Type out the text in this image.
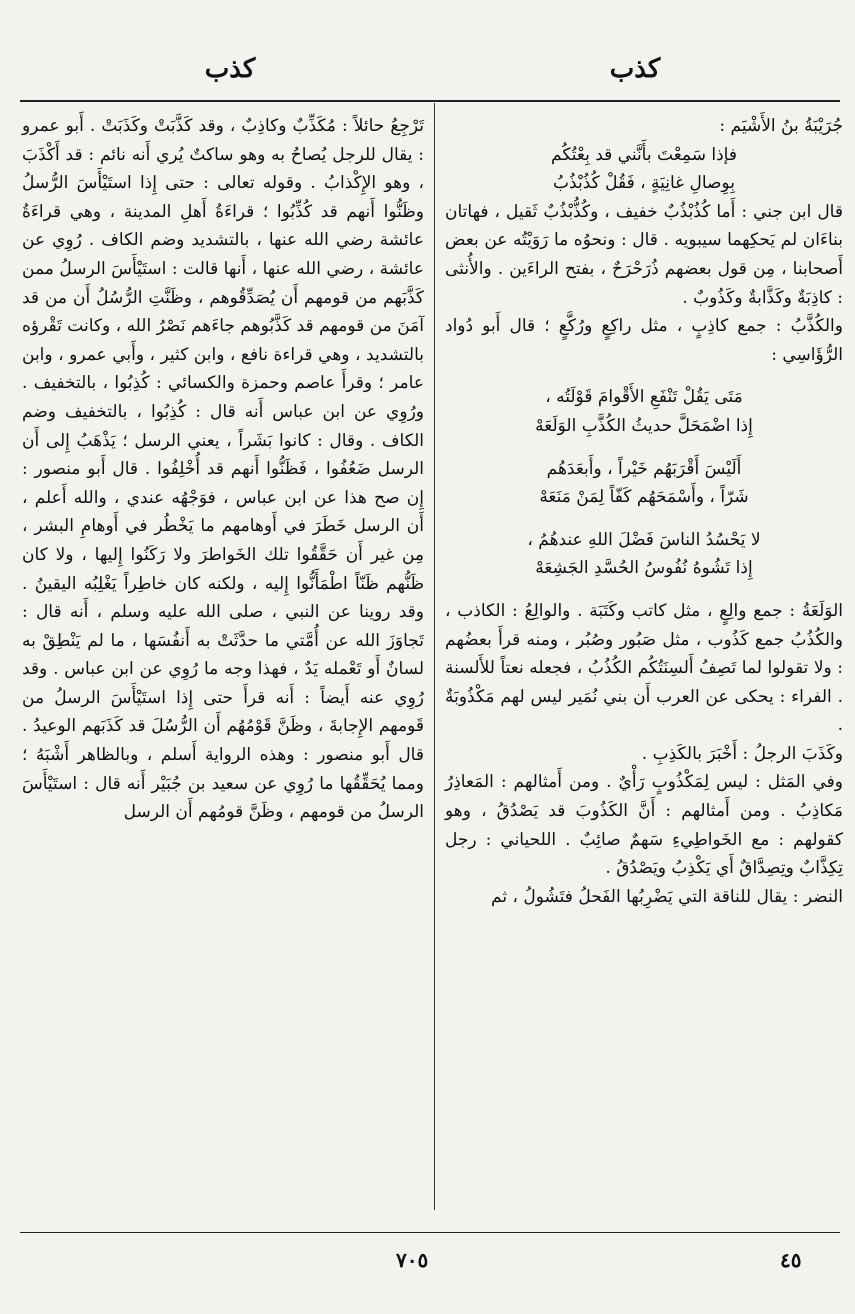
كذب
كذب

جُرَيْبَةُ بنُ الأَشْيَم :

فإذا سَمِعْتَ بأَنَّني قد بِعْتُكُم

بِوِصالِ غانِيَةٍ ، فَقُلْ كُذُبْذُبُ

قال ابن جني : أَما كُذُبْذُبٌ خفيف ، وكُذُّبْذُبٌ ثَقيل ، فهاتان بناءَان لم يَحكِهما سيبويه . قال : ونحوُه ما رَوَيْتُه عن بعض أَصحابنا ، مِن قول بعضهم ذُرَحْرَحٌ ، بفتح الراءَين . والأُنثى : كاذِبَةٌ وكَذَّابةٌ وكَذُوبٌ .

والكُذَّبُ : جمع كاذِبٍ ، مثل راكِعٍ ورُكَّعٍ ؛ قال أَبو دُواد الرُّؤَاسِي :

مَتَى يَقُلْ تَنْفَعِ الأَقْوامَ قَوْلَتُه ،

إِذا اضْمَحَلَّ حديثُ الكُذَّبِ الوَلَعَهْ

أَلَيْسَ أَقْرَبَهُم خَيْراً ، وأَبعَدَهُم

شَرّاً ، وأَسْمَحَهُم كَفّاً لِمَنْ مَنَعَهْ

لا يَحْسُدُ الناسَ فَضْلَ اللهِ عندهُمُ ،

إِذا تَشُوهُ نُفُوسُ الحُسَّدِ الجَشِعَهْ

الوَلَعَةُ : جمع والِعٍ ، مثل كاتب وكَتَبَة . والوالِعُ : الكاذب ، والكُذُبُ جمع كَذُوب ، مثل صَبُور وصُبُر ، ومنه قرأَ بعضُهم : ولا تقولوا لما تَصِفُ أَلسِنَتُكُم الكُذُبُ ، فجعله نعتاً للأَلسنة . الفراء : يحكى عن العرب أَن بني نُمَير ليس لهم مَكْذُوبَةٌ .

وكَذَبَ الرجلُ : أَخْبَرَ بالكَذِبِ .

وفي المَثل : ليس لِمَكْذُوبٍ رَأْيٌ . ومن أَمثالهم : المَعاذِرُ مَكاذِبُ . ومن أَمثالهم : أَنَّ الكَذُوبَ قد يَصْدُقُ ، وهو كقولهم : مع الخَواطِيءِ سَهمٌ صائِبٌ . اللحياني : رجل تِكِذَّابٌ وتِصِدَّاقٌ أَي يَكْذِبُ ويَصْدُقُ .

النضر : يقال للناقة التي يَضْرِبُها الفَحلُ فتَشُولُ ، ثم

تَرْجِعُ حائلاً : مُكَذِّبٌ وكاذِبٌ ، وقد كَذَّبَتْ وكَذَبَتْ . أَبو عمرو : يقال للرجل يُصاحُ به وهو ساكتٌ يُري أَنه نائم : قد أَكْذَبَ ، وهو الإِكْذابُ . وقوله تعالى : حتى إِذا استَيْأَسَ الرُّسلُ وظَنُّوا أَنهم قد كُذِّبُوا ؛ قراءَةُ أَهلِ المدينة ، وهي قراءَةُ عائشة رضي الله عنها ، بالتشديد وضم الكاف . رُوِي عن عائشة ، رضي الله عنها ، أَنها قالت : استَيْأَسَ الرسلُ ممن كَذَّبَهم من قومهم أَن يُصَدِّقُوهم ، وظَنَّتِ الرُّسُلُ أَن من قد آمَنَ من قومهم قد كَذَّبُوهم جاءَهم نَصْرُ الله ، وكانت تَقْرؤه بالتشديد ، وهي قراءة نافع ، وابن كثير ، وأَبي عمرو ، وابن عامر ؛ وقرأَ عاصم وحمزة والكسائي : كُذِبُوا ، بالتخفيف . ورُوِي عن ابن عباس أَنه قال : كُذِبُوا ، بالتخفيف وضم الكاف . وقال : كانوا بَشَراً ، يعني الرسل ؛ يَذْهَبُ إِلى أَن الرسل ضَعُفُوا ، فَظَنُّوا أَنهم قد أُخْلِفُوا . قال أَبو منصور : إِن صح هذا عن ابن عباس ، فوَجْهُه عندي ، والله أَعلم ، أَن الرسل خَطَرَ في أَوهامهم ما يَخْطُر في أَوهامِ البشر ، مِن غير أَن حَقَّقُوا تلك الخَواطرَ ولا رَكَنُوا إِليها ، ولا كان ظَنُّهم ظَنّاً اطْمَأَنُّوا إِليه ، ولكنه كان خاطِراً يَغْلِبُه اليقينُ . وقد روينا عن النبي ، صلى الله عليه وسلم ، أَنه قال : تَجاوَزَ الله عن أُمَّتي ما حدَّثَتْ به أَنفُسَها ، ما لم يَنْطِقْ به لسانٌ أَو تَعْمله يَدٌ ، فهذا وجه ما رُوِي عن ابن عباس . وقد رُوِي عنه أَيضاً : أَنه قرأَ حتى إِذا استَيْأَسَ الرسلُ من قَومهم الإِجابةَ ، وظَنَّ قَوْمُهُم أَن الرُّسُلَ قد كَذَبَهم الوعيدُ . قال أَبو منصور : وهذه الرواية أَسلم ، وبالظاهر أَشْبَهُ ؛ ومما يُحَقِّقُها ما رُوِي عن سعيد بن جُبَيْر أَنه قال : استَيْأَسَ الرسلُ من قومهم ، وظَنَّ قومُهم أَن الرسل

٧٠٥	٤٥
